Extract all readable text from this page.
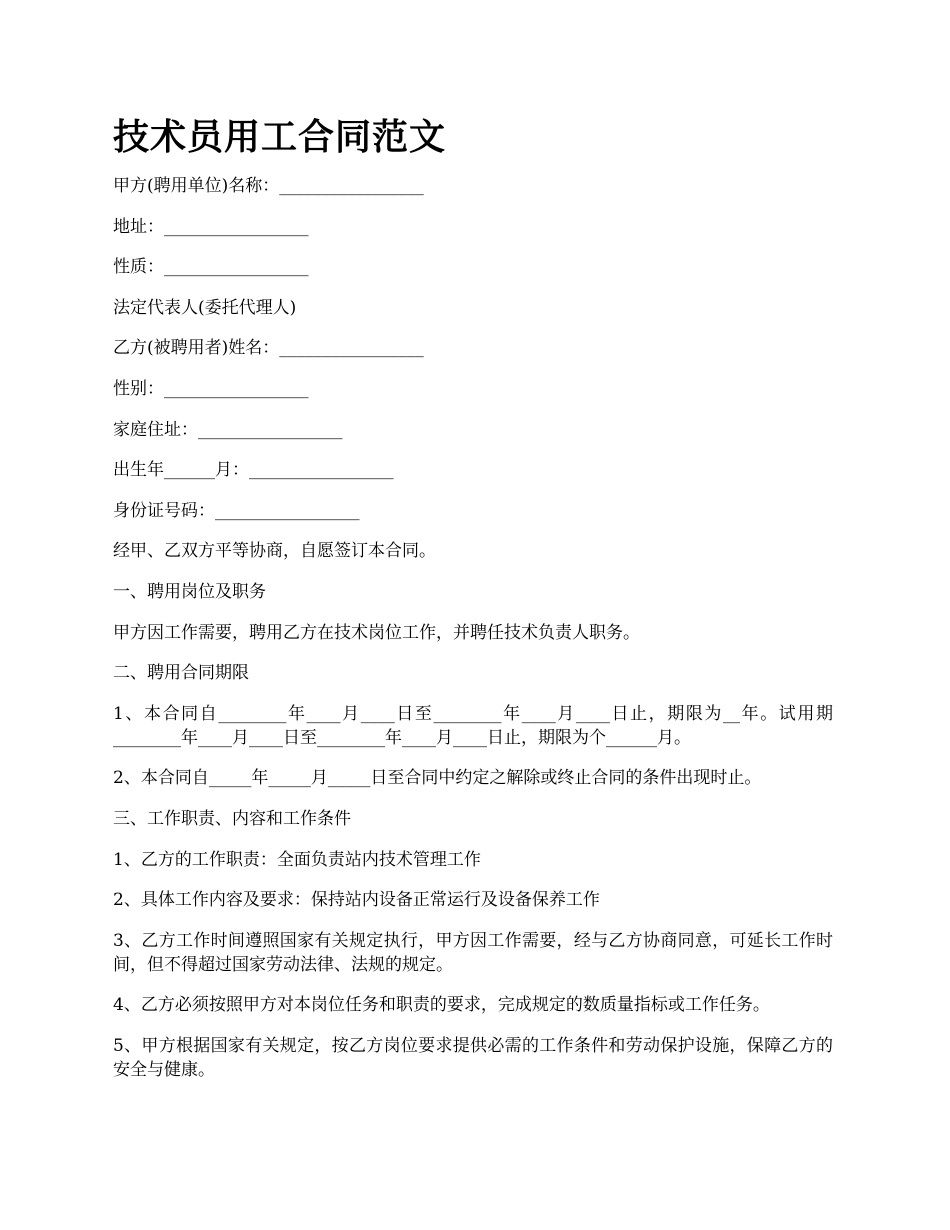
技术员用工合同范文

甲方(聘用单位)名称：_________________

地址：_________________

性质：_________________

法定代表人(委托代理人)

乙方(被聘用者)姓名：_________________

性别：_________________

家庭住址：_________________

出生年______月：_________________

身份证号码：_________________

经甲、乙双方平等协商，自愿签订本合同。

一、聘用岗位及职务

甲方因工作需要，聘用乙方在技术岗位工作，并聘任技术负责人职务。

二、聘用合同期限

1、本合同自________年____月____日至________年____月____日止，期限为__年。试用期________年____月____日至________年____月____日止，期限为个______月。

2、本合同自_____年_____月_____日至合同中约定之解除或终止合同的条件出现时止。

三、工作职责、内容和工作条件

1、乙方的工作职责：全面负责站内技术管理工作

2、具体工作内容及要求：保持站内设备正常运行及设备保养工作

3、乙方工作时间遵照国家有关规定执行，甲方因工作需要，经与乙方协商同意，可延长工作时间，但不得超过国家劳动法律、法规的规定。

4、乙方必须按照甲方对本岗位任务和职责的要求，完成规定的数质量指标或工作任务。

5、甲方根据国家有关规定，按乙方岗位要求提供必需的工作条件和劳动保护设施，保障乙方的安全与健康。
